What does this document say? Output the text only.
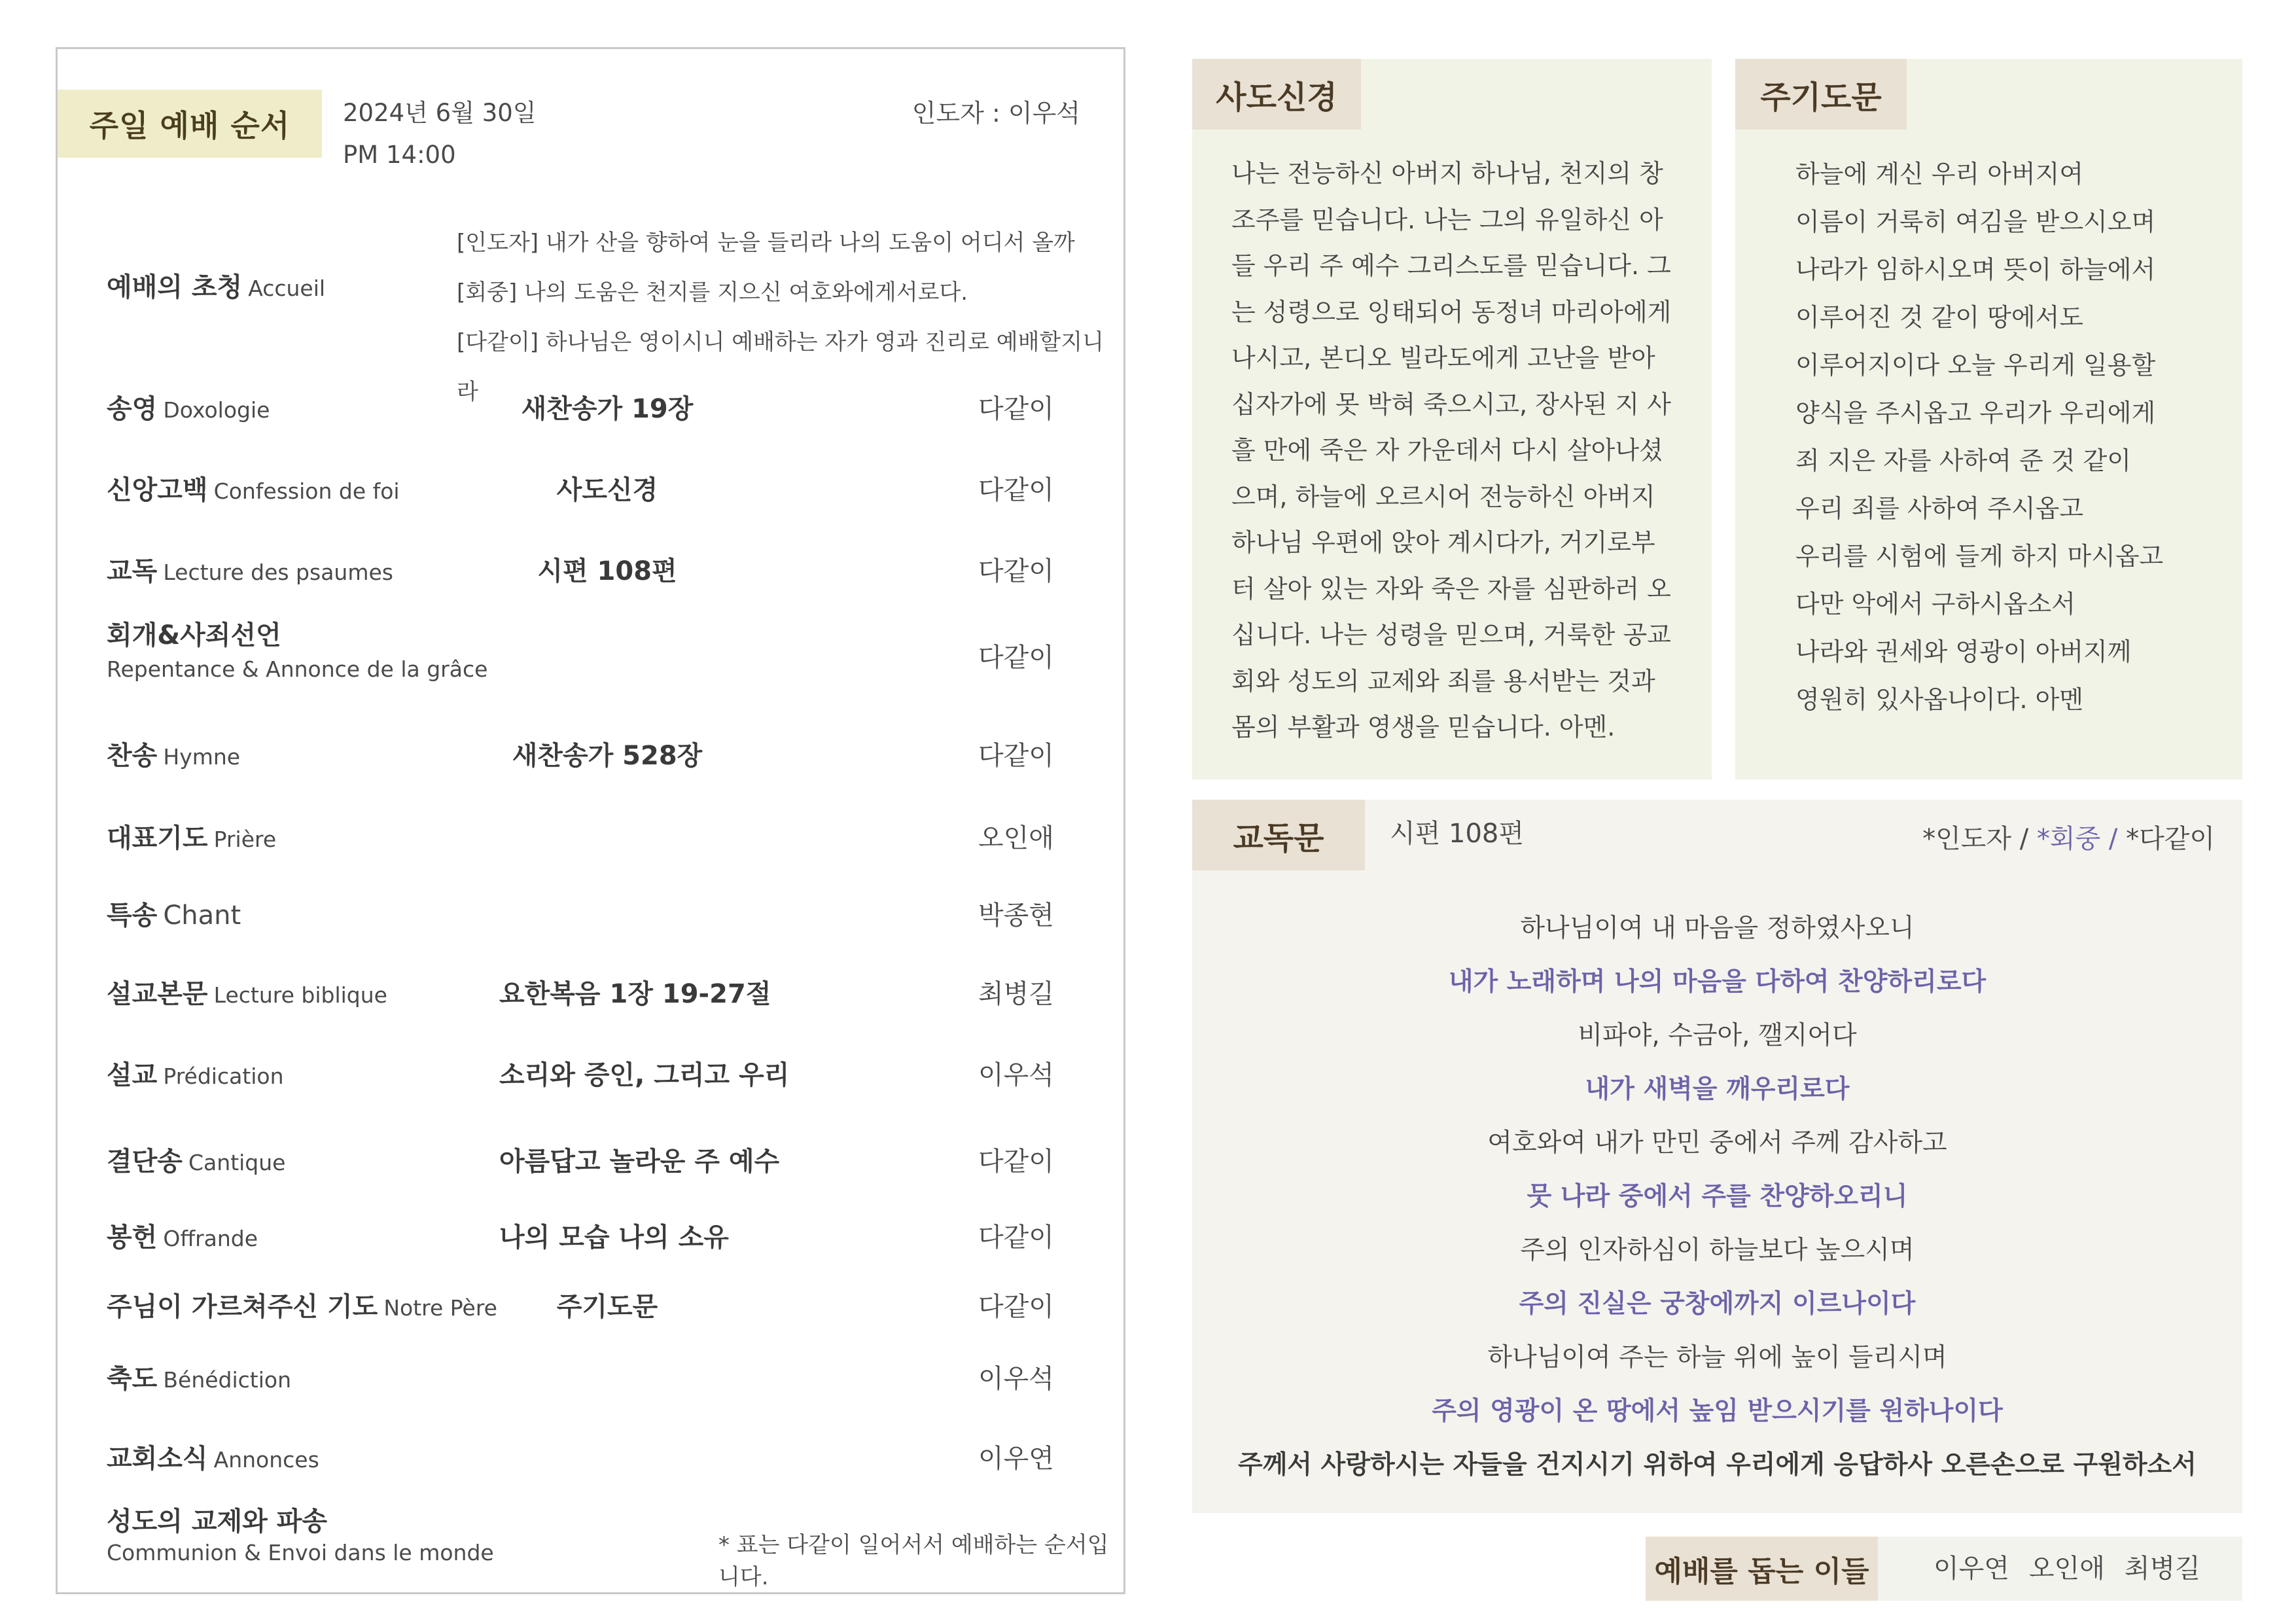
주일 예배 순서	2024년 6월 30일
PM 14:00
인도자 : 이우석
예배의 초청 Accueil
[인도자] 내가 산을 향하여 눈을 들리라 나의 도움이 어디서 올까
[회중] 나의 도움은 천지를 지으신 여호와에게서로다.
[다같이] 하나님은 영이시니 예배하는 자가 영과 진리로 예배할지니라
송영 Doxologie	새찬송가 19장	다같이
신앙고백 Confession de foi	사도신경	다같이
교독 Lecture des psaumes	시편 108편	다같이
회개&사죄선언
Repentance & Annonce de la grâce	다같이
찬송 Hymne	새찬송가 528장	다같이
대표기도 Prière	오인애
특송 Chant	박종현
설교본문 Lecture biblique	요한복음 1장 19-27절	최병길
설교 Prédication	소리와 증인, 그리고 우리	이우석
결단송 Cantique	아름답고 놀라운 주 예수	다같이
봉헌 Offrande	나의 모습 나의 소유	다같이
주님이 가르쳐주신 기도 Notre Père	주기도문	다같이
축도 Bénédiction	이우석
교회소식 Annonces	이우연
성도의 교제와 파송
Communion & Envoi dans le monde	* 표는 다같이 일어서서 예배하는 순서입니다.
사도신경
나는 전능하신 아버지 하나님, 천지의 창
조주를 믿습니다. 나는 그의 유일하신 아
들 우리 주 예수 그리스도를 믿습니다. 그
는 성령으로 잉태되어 동정녀 마리아에게
나시고, 본디오 빌라도에게 고난을 받아
십자가에 못 박혀 죽으시고, 장사된 지 사
흘 만에 죽은 자 가운데서 다시 살아나셨
으며, 하늘에 오르시어 전능하신 아버지
하나님 우편에 앉아 계시다가, 거기로부
터 살아 있는 자와 죽은 자를 심판하러 오
십니다. 나는 성령을 믿으며, 거룩한 공교
회와 성도의 교제와 죄를 용서받는 것과
몸의 부활과 영생을 믿습니다. 아멘.
주기도문
하늘에 계신 우리 아버지여
이름이 거룩히 여김을 받으시오며
나라가 임하시오며 뜻이 하늘에서
이루어진 것 같이 땅에서도
이루어지이다 오늘 우리게 일용할
양식을 주시옵고 우리가 우리에게
죄 지은 자를 사하여 준 것 같이
우리 죄를 사하여 주시옵고
우리를 시험에 들게 하지 마시옵고
다만 악에서 구하시옵소서
나라와 권세와 영광이 아버지께
영원히 있사옵나이다. 아멘
교독문	시편 108편	*인도자 / *회중 / *다같이
하나님이여 내 마음을 정하였사오니
내가 노래하며 나의 마음을 다하여 찬양하리로다
비파야, 수금아, 깰지어다
내가 새벽을 깨우리로다
여호와여 내가 만민 중에서 주께 감사하고
뭇 나라 중에서 주를 찬양하오리니
주의 인자하심이 하늘보다 높으시며
주의 진실은 궁창에까지 이르나이다
하나님이여 주는 하늘 위에 높이 들리시며
주의 영광이 온 땅에서 높임 받으시기를 원하나이다
주께서 사랑하시는 자들을 건지시기 위하여 우리에게 응답하사 오른손으로 구원하소서
예배를 돕는 이들	이우연 오인애 최병길
